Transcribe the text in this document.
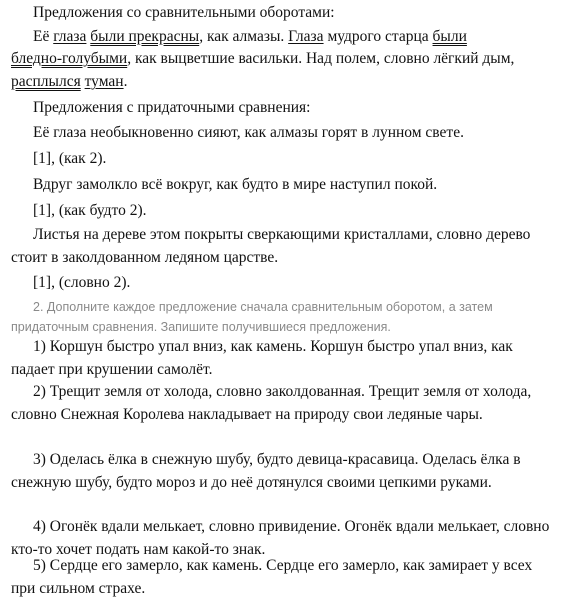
Предложения со сравнительными оборотами:

Её глаза были прекрасны, как алмазы. Глаза мудрого старца были

бледно-голубыми, как выцветшие васильки. Над полем, словно лёгкий дым,

расплылся туман.

Предложения с придаточными сравнения:

Её глаза необыкновенно сияют, как алмазы горят в лунном свете.

[1], (как 2).

Вдруг замолкло всё вокруг, как будто в мире наступил покой.

[1], (как будто 2).

Листья на дереве этом покрыты сверкающими кристаллами, словно дерево стоит в заколдованном ледяном царстве.

[1], (словно 2).

2. Дополните каждое предложение сначала сравнительным оборотом, а затем придаточным сравнения. Запишите получившиеся предложения.

1) Коршун быстро упал вниз, как камень. Коршун быстро упал вниз, как падает при крушении самолёт.

2) Трещит земля от холода, словно заколдованная. Трещит земля от холода, словно Снежная Королева накладывает на природу свои ледяные чары.

3) Оделась ёлка в снежную шубу, будто девица-красавица. Оделась ёлка в снежную шубу, будто мороз и до неё дотянулся своими цепкими руками.

4) Огонёк вдали мелькает, словно привидение. Огонёк вдали мелькает, словно кто-то хочет подать нам какой-то знак.

5) Сердце его замерло, как камень. Сердце его замерло, как замирает у всех при сильном страхе.
